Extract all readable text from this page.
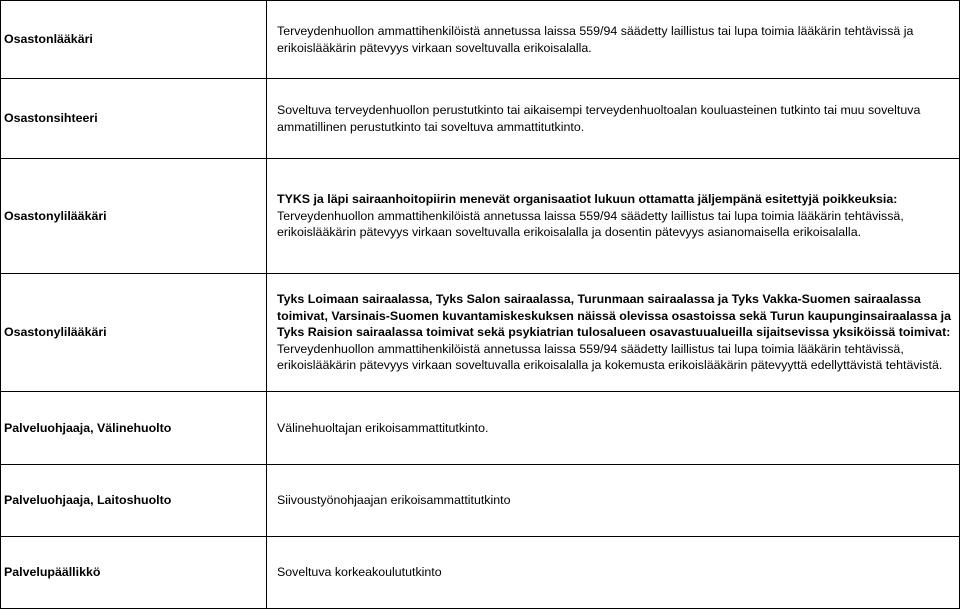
Osastonlääkäri	Terveydenhuollon ammattihenkilöistä annetussa laissa 559/94 säädetty laillistus tai lupa toimia lääkärin tehtävissä ja erikoislääkärin pätevyys virkaan soveltuvalla erikoisalalla.
Osastonsihteeri	Soveltuva terveydenhuollon perustutkinto tai aikaisempi terveydenhuoltoalan kouluasteinen tutkinto tai muu soveltuva ammatillinen perustutkinto tai soveltuva ammattitutkinto.
Osastonylilääkäri	TYKS ja läpi sairaanhoitopiirin menevät organisaatiot lukuun ottamatta jäljempänä esitettyjä poikkeuksia:
Terveydenhuollon ammattihenkilöistä annetussa laissa 559/94 säädetty laillistus tai lupa toimia lääkärin tehtävissä, erikoislääkärin pätevyys virkaan soveltuvalla erikoisalalla ja dosentin pätevyys asianomaisella erikoisalalla.
Osastonylilääkäri	Tyks Loimaan sairaalassa, Tyks Salon sairaalassa, Turunmaan sairaalassa ja Tyks Vakka-Suomen sairaalassa toimivat, Varsinais-Suomen kuvantamiskeskuksen näissä olevissa osastoissa sekä Turun kaupunginsairaalassa ja Tyks Raision sairaalassa toimivat sekä psykiatrian tulosalueen osavastuualueilla sijaitsevissa yksiköissä toimivat:
Terveydenhuollon ammattihenkilöistä annetussa laissa 559/94 säädetty laillistus tai lupa toimia lääkärin tehtävissä, erikoislääkärin pätevyys virkaan soveltuvalla erikoisalalla ja kokemusta erikoislääkärin pätevyyttä edellyttävistä tehtävistä.
Palveluohjaaja, Välinehuolto	Välinehuoltajan erikoisammattitutkinto.
Palveluohjaaja, Laitoshuolto	Siivoustyönohjaajan erikoisammattitutkinto
Palvelupäällikkö	Soveltuva korkeakoulututkinto
